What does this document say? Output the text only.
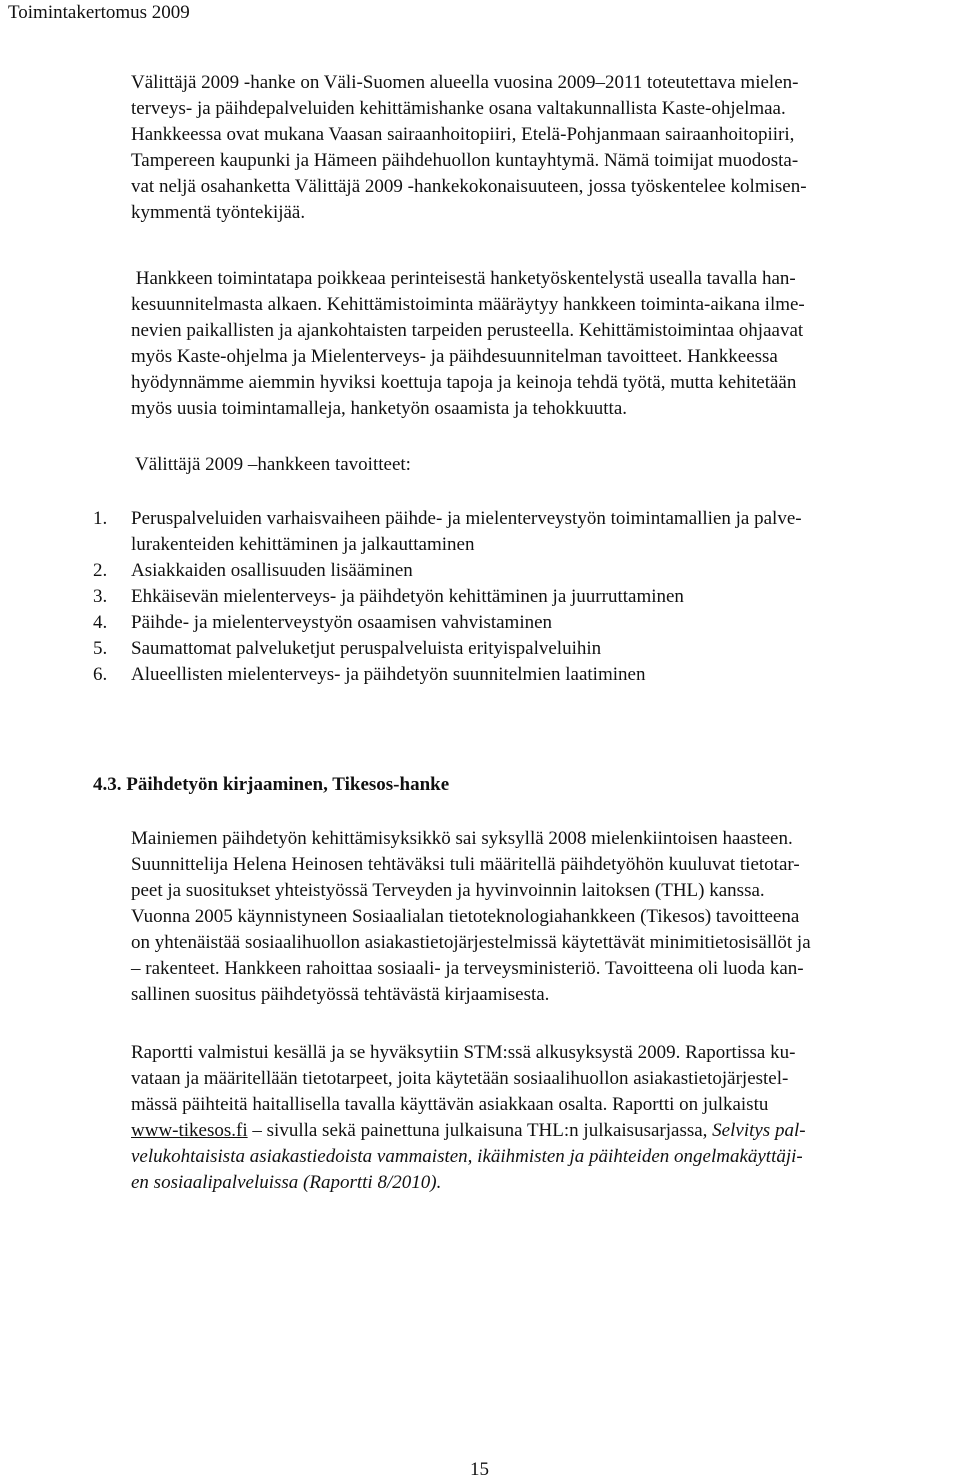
Toimintakertomus 2009
Välittäjä 2009 -hanke on Väli-Suomen alueella vuosina 2009–2011 toteutettava mielen-
terveys- ja päihdepalveluiden kehittämishanke osana valtakunnallista Kaste-ohjelmaa.
Hankkeessa ovat mukana Vaasan sairaanhoitopiiri, Etelä-Pohjanmaan sairaanhoitopiiri,
Tampereen kaupunki ja Hämeen päihdehuollon kuntayhtymä. Nämä toimijat muodosta-
vat neljä osahanketta Välittäjä 2009 -hankekokonaisuuteen, jossa työskentelee kolmisen-
kymmentä työntekijää.
Hankkeen toimintatapa poikkeaa perinteisestä hanketyöskentelystä usealla tavalla han-
kesuunnitelmasta alkaen. Kehittämistoiminta määräytyy hankkeen toiminta-aikana ilme-
nevien paikallisten ja ajankohtaisten tarpeiden perusteella. Kehittämistoimintaa ohjaavat
myös Kaste-ohjelma ja Mielenterveys- ja päihdesuunnitelman tavoitteet. Hankkeessa
hyödynnämme aiemmin hyviksi koettuja tapoja ja keinoja tehdä työtä, mutta kehitetään
myös uusia toimintamalleja, hanketyön osaamista ja tehokkuutta.
Välittäjä 2009 –hankkeen tavoitteet:
1. Peruspalveluiden varhaisvaiheen päihde- ja mielenterveystyön toimintamallien ja palve-
lurakenteiden kehittäminen ja jalkauttaminen
2. Asiakkaiden osallisuuden lisääminen
3. Ehkäisevän mielenterveys- ja päihdetyön kehittäminen ja juurruttaminen
4. Päihde- ja mielenterveystyön osaamisen vahvistaminen
5. Saumattomat palveluketjut peruspalveluista erityispalveluihin
6. Alueellisten mielenterveys- ja päihdetyön suunnitelmien laatiminen
4.3. Päihdetyön kirjaaminen, Tikesos-hanke
Mainiemen päihdetyön kehittämisyksikkö sai syksyllä 2008 mielenkiintoisen haasteen.
Suunnittelija Helena Heinosen tehtäväksi tuli määritellä päihdetyöhön kuuluvat tietotar-
peet ja suositukset yhteistyössä Terveyden ja hyvinvoinnin laitoksen (THL) kanssa.
Vuonna 2005 käynnistyneen Sosiaalialan tietoteknologiahankkeen (Tikesos) tavoitteena
on yhtenäistää sosiaalihuollon asiakastietojärjestelmissä käytettävät minimitietosisällöt ja
– rakenteet. Hankkeen rahoittaa sosiaali- ja terveysministeriö. Tavoitteena oli luoda kan-
sallinen suositus päihdetyössä tehtävästä kirjaamisesta.
Raportti valmistui kesällä ja se hyväksytiin STM:ssä alkusyksystä 2009. Raportissa ku-
vataan ja määritellään tietotarpeet, joita käytetään sosiaalihuollon asiakastietojärjestel-
mässä päihteitä haitallisella tavalla käyttävän asiakkaan osalta. Raportti on julkaistu
www-tikesos.fi – sivulla sekä painettuna julkaisuna THL:n julkaisusarjassa, Selvitys pal-
velukohtaisista asiakastiedoista vammaisten, ikäihmisten ja päihteiden ongelmakäyttäji-
en sosiaalipalveluissa (Raportti 8/2010).
15
